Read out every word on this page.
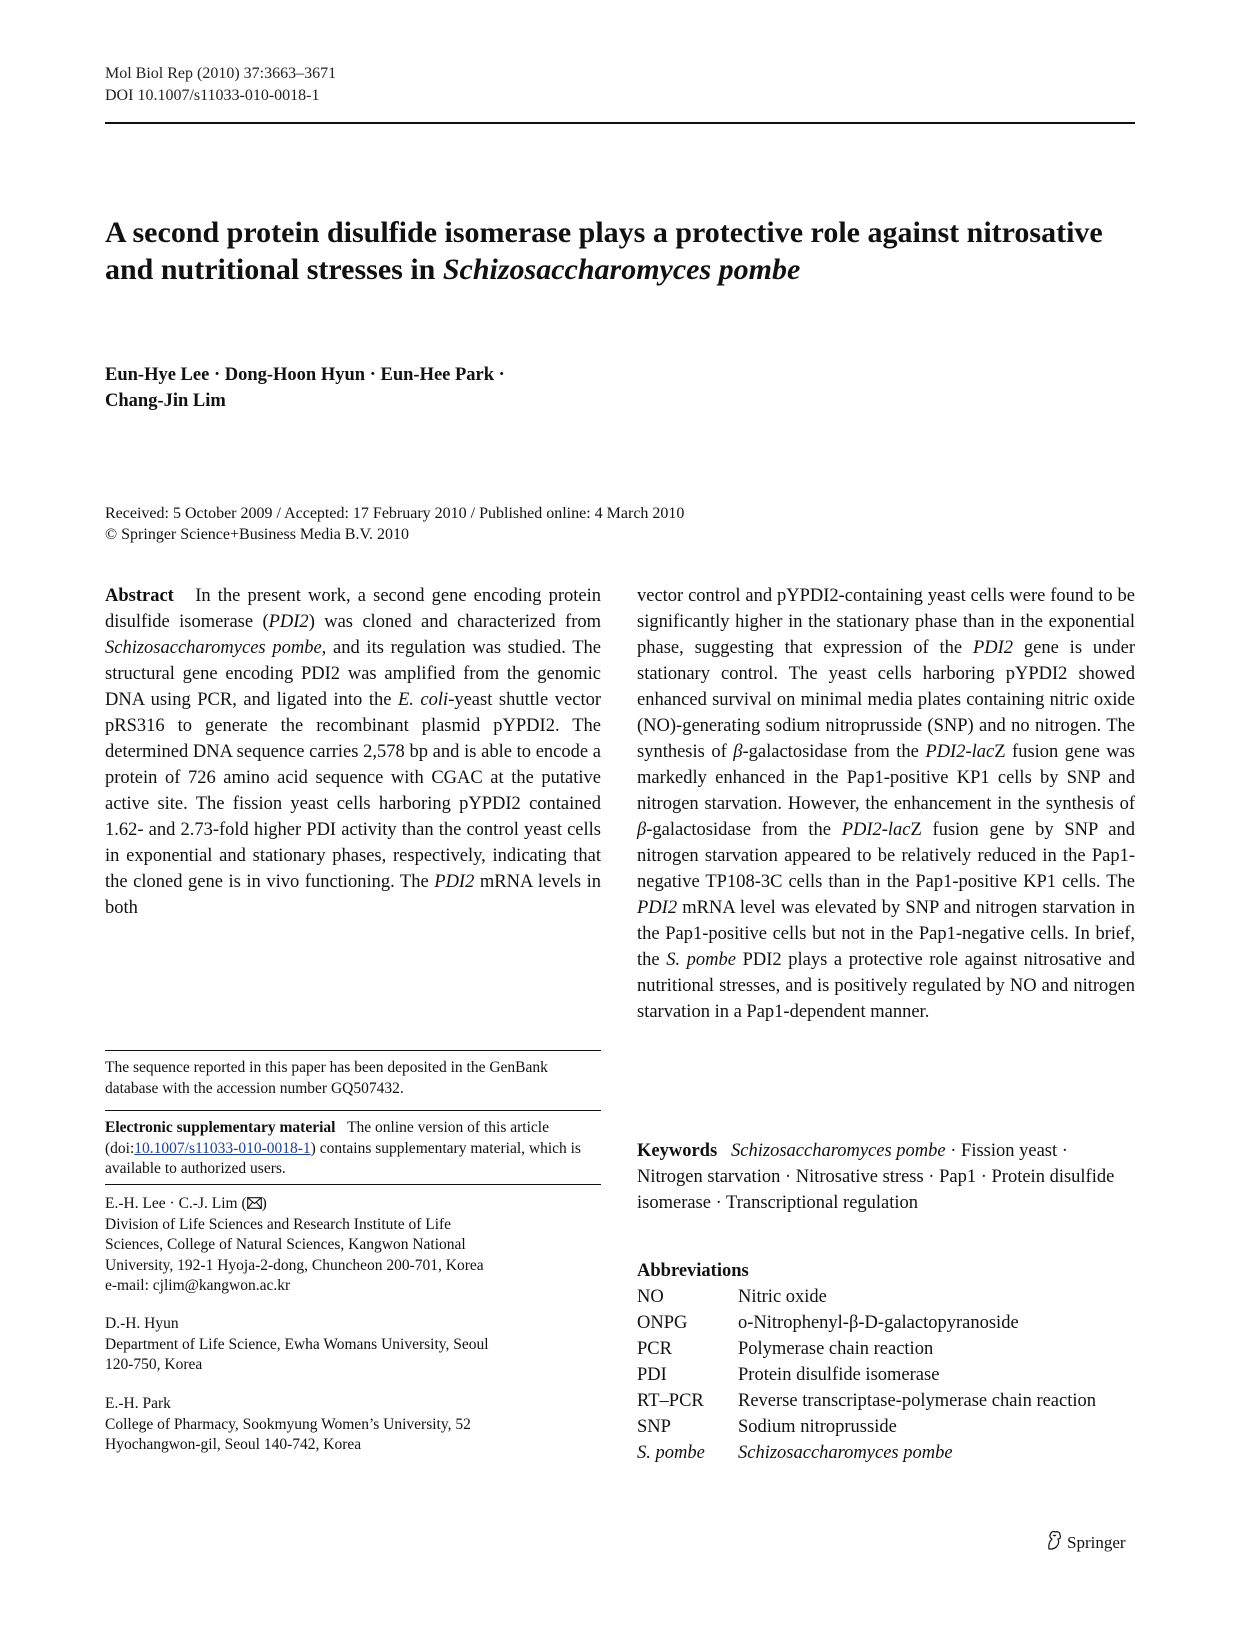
Mol Biol Rep (2010) 37:3663–3671
DOI 10.1007/s11033-010-0018-1
A second protein disulfide isomerase plays a protective role against nitrosative and nutritional stresses in Schizosaccharomyces pombe
Eun-Hye Lee · Dong-Hoon Hyun · Eun-Hee Park ·
Chang-Jin Lim
Received: 5 October 2009 / Accepted: 17 February 2010 / Published online: 4 March 2010
© Springer Science+Business Media B.V. 2010
Abstract In the present work, a second gene encoding protein disulfide isomerase (PDI2) was cloned and characterized from Schizosaccharomyces pombe, and its regulation was studied. The structural gene encoding PDI2 was amplified from the genomic DNA using PCR, and ligated into the E. coli-yeast shuttle vector pRS316 to generate the recombinant plasmid pYPDI2. The determined DNA sequence carries 2,578 bp and is able to encode a protein of 726 amino acid sequence with CGAC at the putative active site. The fission yeast cells harboring pYPDI2 contained 1.62- and 2.73-fold higher PDI activity than the control yeast cells in exponential and stationary phases, respectively, indicating that the cloned gene is in vivo functioning. The PDI2 mRNA levels in both
vector control and pYPDI2-containing yeast cells were found to be significantly higher in the stationary phase than in the exponential phase, suggesting that expression of the PDI2 gene is under stationary control. The yeast cells harboring pYPDI2 showed enhanced survival on minimal media plates containing nitric oxide (NO)-generating sodium nitroprusside (SNP) and no nitrogen. The synthesis of β-galactosidase from the PDI2-lacZ fusion gene was markedly enhanced in the Pap1-positive KP1 cells by SNP and nitrogen starvation. However, the enhancement in the synthesis of β-galactosidase from the PDI2-lacZ fusion gene by SNP and nitrogen starvation appeared to be relatively reduced in the Pap1-negative TP108-3C cells than in the Pap1-positive KP1 cells. The PDI2 mRNA level was elevated by SNP and nitrogen starvation in the Pap1-positive cells but not in the Pap1-negative cells. In brief, the S. pombe PDI2 plays a protective role against nitrosative and nutritional stresses, and is positively regulated by NO and nitrogen starvation in a Pap1-dependent manner.

The sequence reported in this paper has been deposited in the GenBank database with the accession number GQ507432.

Electronic supplementary material The online version of this article (doi:10.1007/s11033-010-0018-1) contains supplementary material, which is available to authorized users.

E.-H. Lee · C.-J. Lim ( )

Division of Life Sciences and Research Institute of Life

Sciences, College of Natural Sciences, Kangwon National

University, 192-1 Hyoja-2-dong, Chuncheon 200-701, Korea

e-mail: cjlim@kangwon.ac.kr

D.-H. Hyun

Department of Life Science, Ewha Womans University, Seoul

120-750, Korea

E.-H. Park

College of Pharmacy, Sookmyung Women’s University, 52

Hyochangwon-gil, Seoul 140-742, Korea

Keywords Schizosaccharomyces pombe · Fission yeast · Nitrogen starvation · Nitrosative stress · Pap1 · Protein disulfide isomerase · Transcriptional regulation
Abbreviations
NO	Nitric oxide
ONPG	o-Nitrophenyl-β-D-galactopyranoside
PCR	Polymerase chain reaction
PDI	Protein disulfide isomerase
RT–PCR	Reverse transcriptase-polymerase chain reaction
SNP	Sodium nitroprusside
S. pombe	Schizosaccharomyces pombe
Springer
